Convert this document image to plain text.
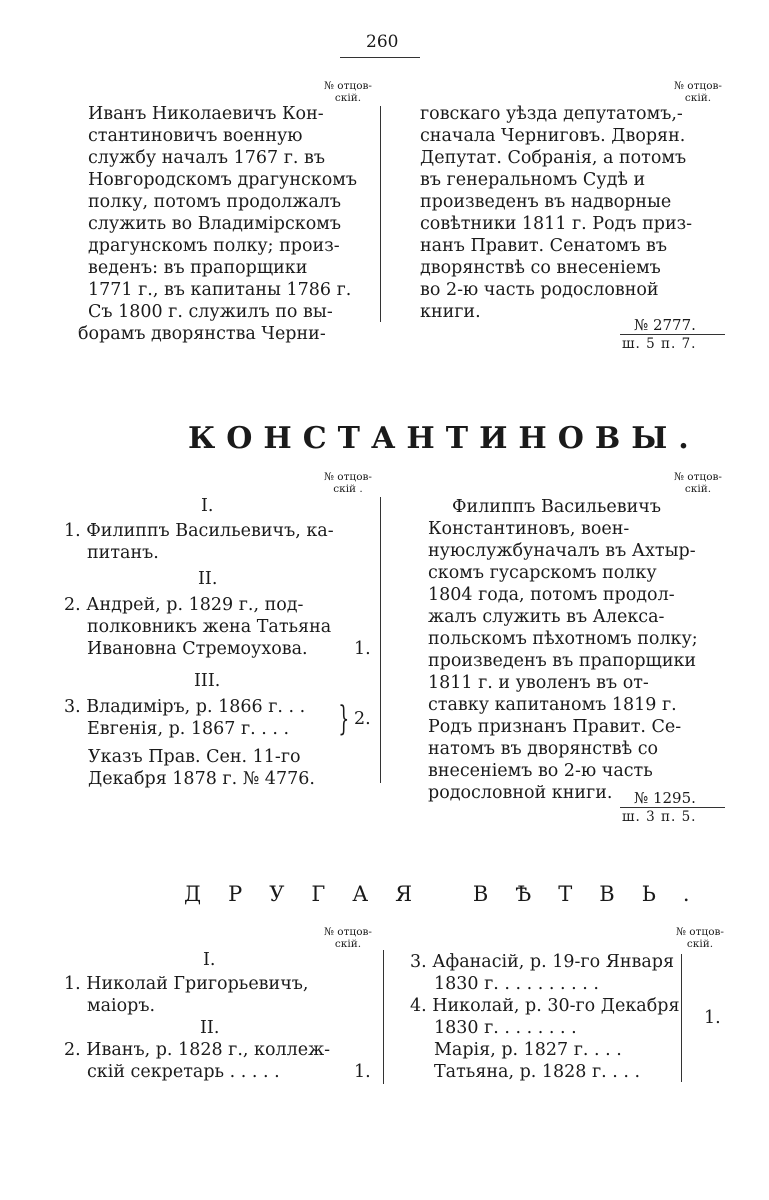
260
№ отцов-
скій.
№ отцов-
скій.
Иванъ Николаевичъ Кон-
стантиновичъ военную
службу началъ 1767 г. въ
Новгородскомъ драгунскомъ
полку, потомъ продолжалъ
служить во Владимірскомъ
драгунскомъ полку; произ-
веденъ: въ прапорщики
1771 г., въ капитаны 1786 г.
Съ 1800 г. служилъ по вы-
борамъ дворянства Черни-
говскаго уѣзда депутатомъ,-
сначала Черниговъ. Дворян.
Депутат. Собранія, а потомъ
въ генеральномъ Судѣ и
произведенъ въ надворные
совѣтники 1811 г. Родъ приз-
нанъ Правит. Сенатомъ въ
дворянствѣ со внесеніемъ
во 2-ю часть родословной
книги.
№ 2777.
ш. 5 п. 7.
КОНСТАНТИНОВЫ.
№ отцов-
скій .
№ отцов-
скій.
I.
1. Филиппъ Васильевичъ, ка-
питанъ.
II.
2. Андрей, р. 1829 г., под-
полковникъ жена Татьяна
Ивановна Стремоухова.	1.
III.
3. Владиміръ, р. 1866 г. . .
Евгенія, р. 1867 г. . . . } 2.
Указъ Прав. Сен. 11-го
Декабря 1878 г. № 4776.
Филиппъ Васильевичъ
Константиновъ, воен-
нуюслужбуначалъ въ Ахтыр-
скомъ гусарскомъ полку
1804 года, потомъ продол-
жалъ служить въ Алекса-
польскомъ пѣхотномъ полку;
произведенъ въ прапорщики
1811 г. и уволенъ въ от-
ставку капитаномъ 1819 г.
Родъ признанъ Правит. Се-
натомъ въ дворянствѣ со
внесеніемъ во 2-ю часть
родословной книги. № 1295.
ш. 3 п. 5.
ДРУГАЯ ВѢТВЬ.
№ отцов-
скій.
№ отцов-
скій.
I.
1. Николай Григорьевичъ,
маіоръ.
II.
2. Иванъ, р. 1828 г., коллеж-
скій секретарь . . . . .	1.
3. Афанасій, р. 19-го Января
1830 г. . . . . . . . . .
4. Николай, р. 30-го Декабря
1830 г. . . . . . . .
Марія, р. 1827 г. . . .
Татьяна, р. 1828 г. . . .
1.
